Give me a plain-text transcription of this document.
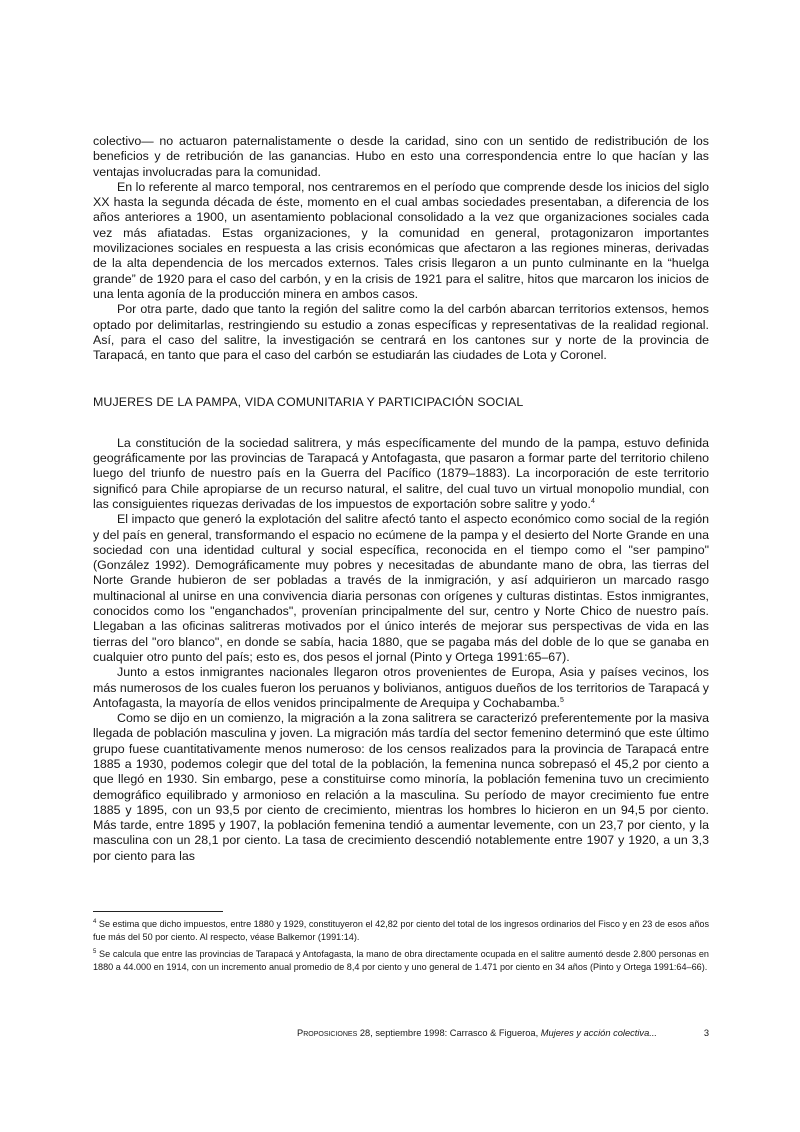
colectivo— no actuaron paternalistamente o desde la caridad, sino con un sentido de redistribución de los beneficios y de retribución de las ganancias. Hubo en esto una correspondencia entre lo que hacían y las ventajas involucradas para la comunidad.

En lo referente al marco temporal, nos centraremos en el período que comprende desde los inicios del siglo XX hasta la segunda década de éste, momento en el cual ambas sociedades presentaban, a diferencia de los años anteriores a 1900, un asentamiento poblacional consolidado a la vez que organizaciones sociales cada vez más afiatadas. Estas organizaciones, y la comunidad en general, protagonizaron importantes movilizaciones sociales en respuesta a las crisis económicas que afectaron a las regiones mineras, derivadas de la alta dependencia de los mercados externos. Tales crisis llegaron a un punto culminante en la “huelga grande” de 1920 para el caso del carbón, y en la crisis de 1921 para el salitre, hitos que marcaron los inicios de una lenta agonía de la producción minera en ambos casos.

Por otra parte, dado que tanto la región del salitre como la del carbón abarcan territorios extensos, hemos optado por delimitarlas, restringiendo su estudio a zonas específicas y representativas de la realidad regional. Así, para el caso del salitre, la investigación se centrará en los cantones sur y norte de la provincia de Tarapacá, en tanto que para el caso del carbón se estudiarán las ciudades de Lota y Coronel.

MUJERES DE LA PAMPA, VIDA COMUNITARIA Y PARTICIPACIÓN SOCIAL

La constitución de la sociedad salitrera, y más específicamente del mundo de la pampa, estuvo definida geográficamente por las provincias de Tarapacá y Antofagasta, que pasaron a formar parte del territorio chileno luego del triunfo de nuestro país en la Guerra del Pacífico (1879–1883). La incorporación de este territorio significó para Chile apropiarse de un recurso natural, el salitre, del cual tuvo un virtual monopolio mundial, con las consiguientes riquezas derivadas de los impuestos de exportación sobre salitre y yodo.$^4$

El impacto que generó la explotación del salitre afectó tanto el aspecto económico como social de la región y del país en general, transformando el espacio no ecúmene de la pampa y el desierto del Norte Grande en una sociedad con una identidad cultural y social específica, reconocida en el tiempo como el "ser pampino" (González 1992). Demográficamente muy pobres y necesitadas de abundante mano de obra, las tierras del Norte Grande hubieron de ser pobladas a través de la inmigración, y así adquirieron un marcado rasgo multinacional al unirse en una convivencia diaria personas con orígenes y culturas distintas. Estos inmigrantes, conocidos como los "enganchados", provenían principalmente del sur, centro y Norte Chico de nuestro país. Llegaban a las oficinas salitreras motivados por el único interés de mejorar sus perspectivas de vida en las tierras del "oro blanco", en donde se sabía, hacia 1880, que se pagaba más del doble de lo que se ganaba en cualquier otro punto del país; esto es, dos pesos el jornal (Pinto y Ortega 1991:65–67).

Junto a estos inmigrantes nacionales llegaron otros provenientes de Europa, Asia y países vecinos, los más numerosos de los cuales fueron los peruanos y bolivianos, antiguos dueños de los territorios de Tarapacá y Antofagasta, la mayoría de ellos venidos principalmente de Arequipa y Cochabamba.$^5$

Como se dijo en un comienzo, la migración a la zona salitrera se caracterizó preferentemente por la masiva llegada de población masculina y joven. La migración más tardía del sector femenino determinó que este último grupo fuese cuantitativamente menos numeroso: de los censos realizados para la provincia de Tarapacá entre 1885 a 1930, podemos colegir que del total de la población, la femenina nunca sobrepasó el 45,2 por ciento a que llegó en 1930. Sin embargo, pese a constituirse como minoría, la población femenina tuvo un crecimiento demográfico equilibrado y armonioso en relación a la masculina. Su período de mayor crecimiento fue entre 1885 y 1895, con un 93,5 por ciento de crecimiento, mientras los hombres lo hicieron en un 94,5 por ciento. Más tarde, entre 1895 y 1907, la población femenina tendió a aumentar levemente, con un 23,7 por ciento, y la masculina con un 28,1 por ciento. La tasa de crecimiento descendió notablemente entre 1907 y 1920, a un 3,3 por ciento para las

$^4$ Se estima que dicho impuestos, entre 1880 y 1929, constituyeron el 42,82 por ciento del total de los ingresos ordinarios del Fisco y en 23 de esos años fue más del 50 por ciento. Al respecto, véase Balkemor (1991:14).

$^5$ Se calcula que entre las provincias de Tarapacá y Antofagasta, la mano de obra directamente ocupada en el salitre aumentó desde 2.800 personas en 1880 a 44.000 en 1914, con un incremento anual promedio de 8,4 por ciento y uno general de 1.471 por ciento en 34 años (Pinto y Ortega 1991:64–66).

Proposiciones 28, septiembre 1998: Carrasco & Figueroa, Mujeres y acción colectiva...	3
